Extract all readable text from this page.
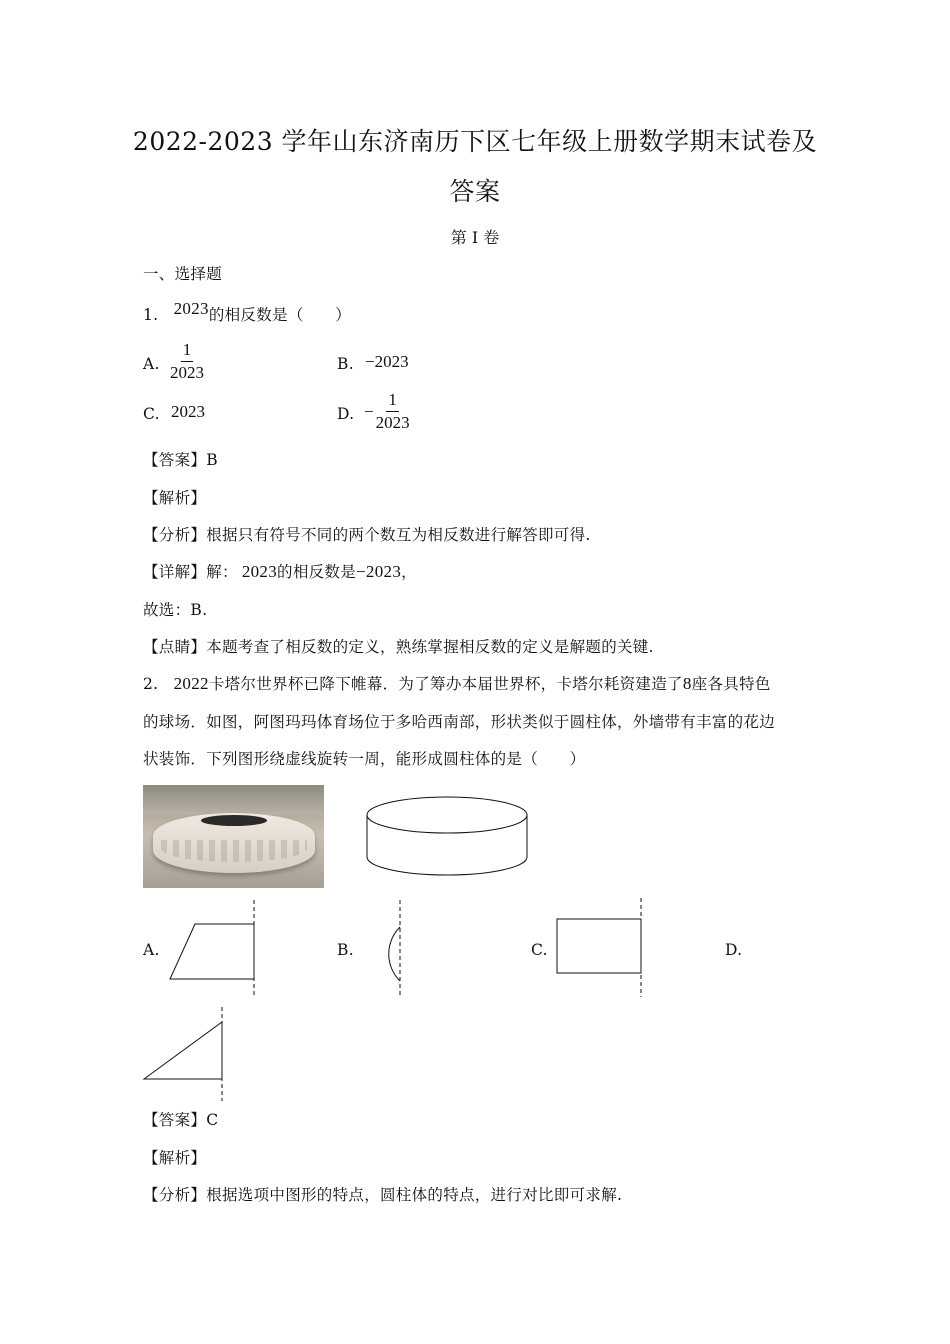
2022-2023 学年山东济南历下区七年级上册数学期末试卷及
答案
第 I 卷
一、选择题
1. 2023的相反数是（　　）
A. $\frac{1}{2023}$	B. −2023
C. 2023	D. − $\frac{1}{2023}$
【答案】B
【解析】
【分析】根据只有符号不同的两个数互为相反数进行解答即可得.
【详解】解： 2023的相反数是−2023，
故选：B.
【点睛】本题考查了相反数的定义，熟练掌握相反数的定义是解题的关键.
2. 2022卡塔尔世界杯已降下帷幕．为了筹办本届世界杯，卡塔尔耗资建造了8座各具特色
的球场．如图，阿图玛玛体育场位于多哈西南部，形状类似于圆柱体，外墙带有丰富的花边
状装饰．下列图形绕虚线旋转一周，能形成圆柱体的是（　　）
A.	B.	C.	D.
【答案】C
【解析】
【分析】根据选项中图形的特点，圆柱体的特点，进行对比即可求解.
